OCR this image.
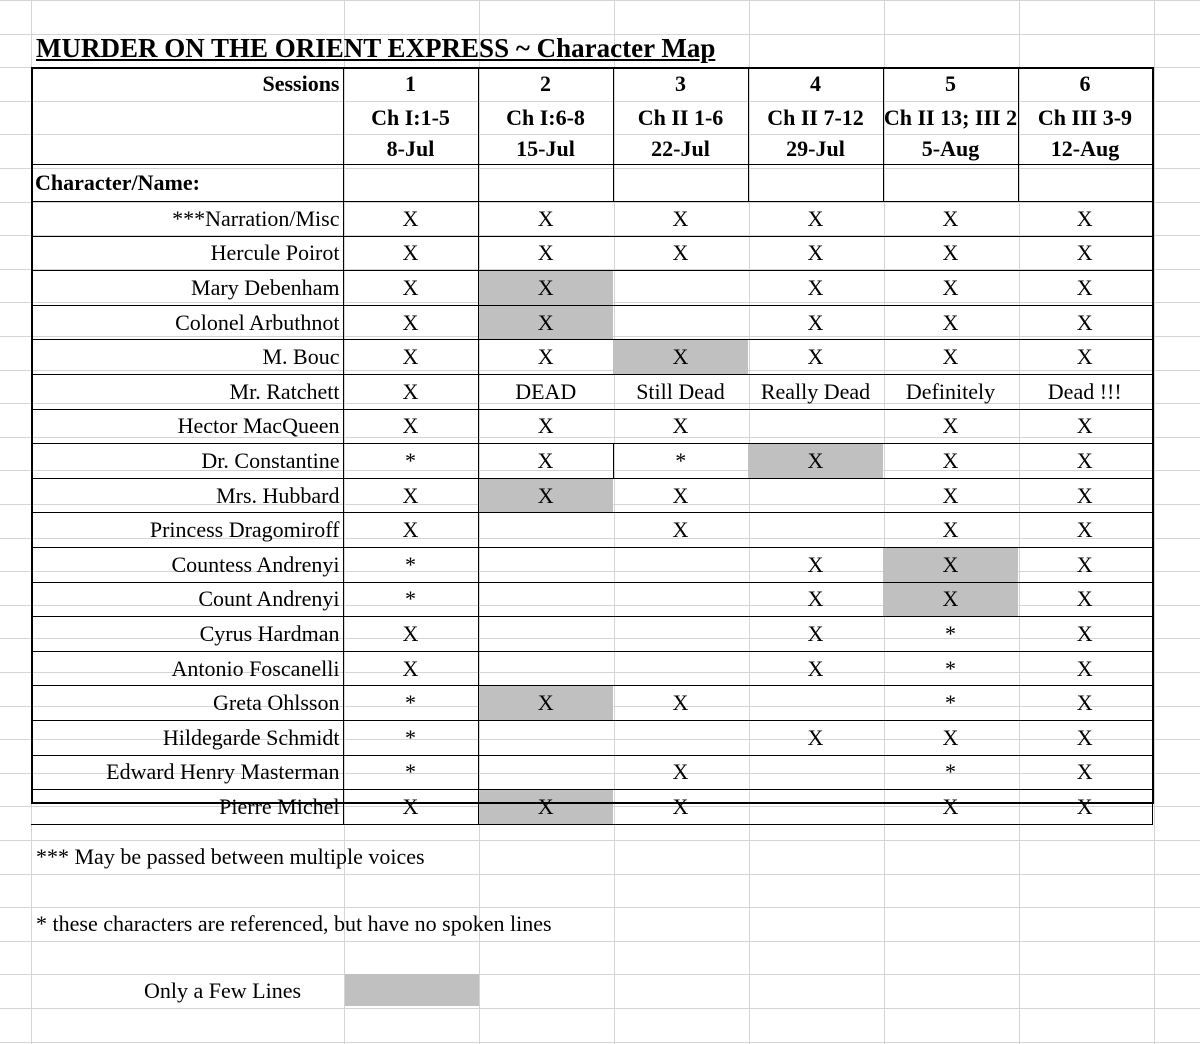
MURDER ON THE ORIENT EXPRESS ~ Character Map
Sessions	1	2	3	4	5	6
	Ch I:1-5	Ch I:6-8	Ch II 1-6	Ch II 7-12	Ch II 13; III 2	Ch III 3-9
	8-Jul	15-Jul	22-Jul	29-Jul	5-Aug	12-Aug
Character/Name:						
***Narration/Misc	X	X	X	X	X	X
Hercule Poirot	X	X	X	X	X	X
Mary Debenham	X	X		X	X	X
Colonel Arbuthnot	X	X		X	X	X
M. Bouc	X	X	X	X	X	X
Mr. Ratchett	X	DEAD	Still Dead	Really Dead	Definitely	Dead !!!
Hector MacQueen	X	X	X		X	X
Dr. Constantine	*	X	*	X	X	X
Mrs. Hubbard	X	X	X		X	X
Princess Dragomiroff	X		X		X	X
Countess Andrenyi	*			X	X	X
Count Andrenyi	*			X	X	X
Cyrus Hardman	X			X	*	X
Antonio Foscanelli	X			X	*	X
Greta Ohlsson	*	X	X		*	X
Hildegarde Schmidt	*			X	X	X
Edward Henry Masterman	*		X		*	X
Pierre Michel	X	X	X		X	X
*** May be passed between multiple voices
* these characters are referenced, but have no spoken lines
Only a Few Lines
